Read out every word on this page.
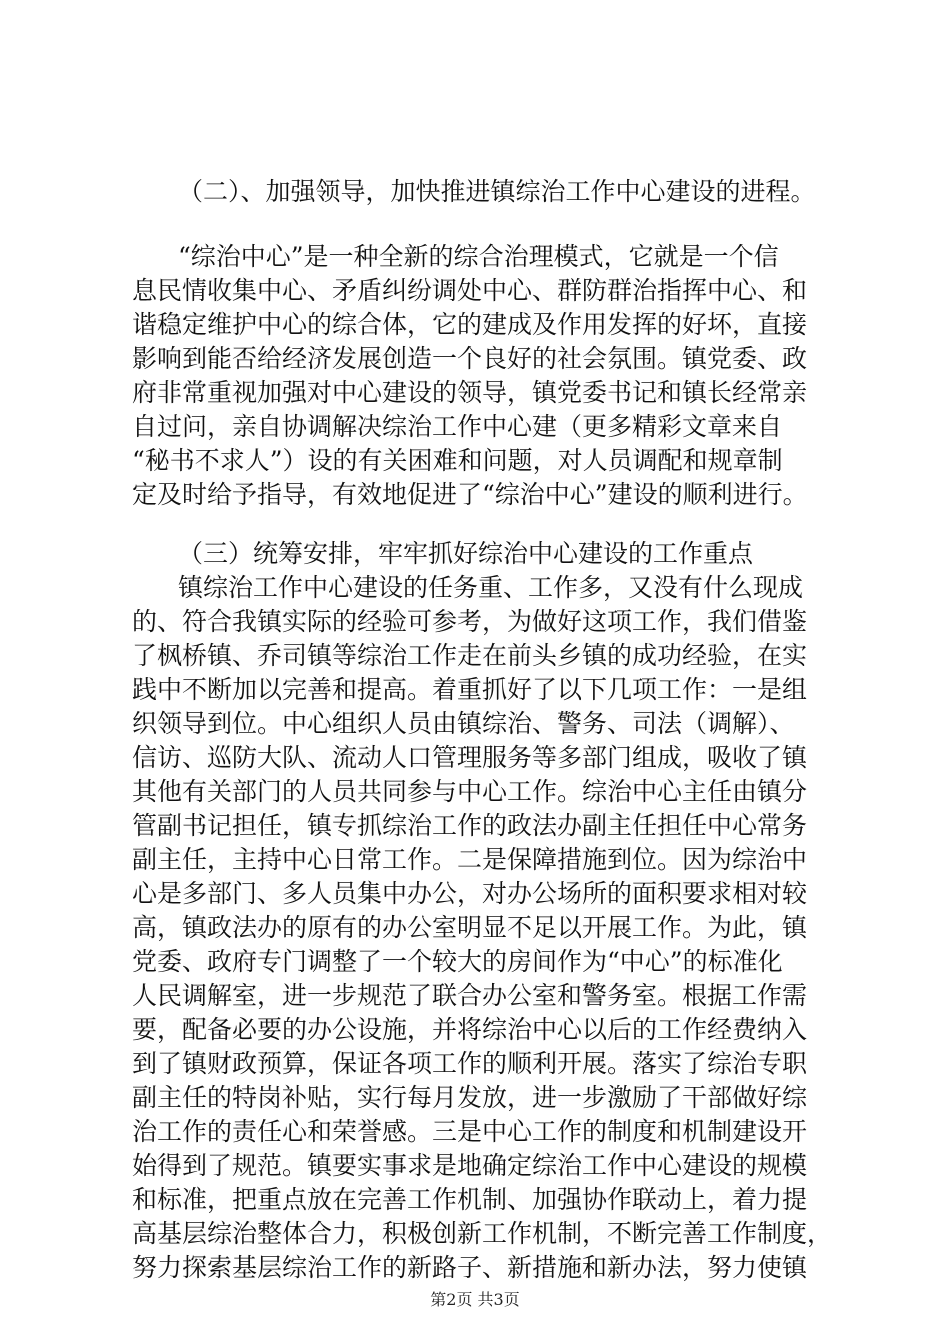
（二）、加强领导，加快推进镇综治工作中心建设的进程。
“综治中心”是一种全新的综合治理模式，它就是一个信
息民情收集中心、矛盾纠纷调处中心、群防群治指挥中心、和
谐稳定维护中心的综合体，它的建成及作用发挥的好坏，直接
影响到能否给经济发展创造一个良好的社会氛围。镇党委、政
府非常重视加强对中心建设的领导，镇党委书记和镇长经常亲
自过问，亲自协调解决综治工作中心建（更多精彩文章来自
“秘书不求人”）设的有关困难和问题，对人员调配和规章制
定及时给予指导，有效地促进了“综治中心”建设的顺利进行。
（三）统筹安排，牢牢抓好综治中心建设的工作重点
镇综治工作中心建设的任务重、工作多，又没有什么现成
的、符合我镇实际的经验可参考，为做好这项工作，我们借鉴
了枫桥镇、乔司镇等综治工作走在前头乡镇的成功经验，在实
践中不断加以完善和提高。着重抓好了以下几项工作：一是组
织领导到位。中心组织人员由镇综治、警务、司法（调解）、
信访、巡防大队、流动人口管理服务等多部门组成，吸收了镇
其他有关部门的人员共同参与中心工作。综治中心主任由镇分
管副书记担任，镇专抓综治工作的政法办副主任担任中心常务
副主任，主持中心日常工作。二是保障措施到位。因为综治中
心是多部门、多人员集中办公，对办公场所的面积要求相对较
高，镇政法办的原有的办公室明显不足以开展工作。为此，镇
党委、政府专门调整了一个较大的房间作为“中心”的标准化
人民调解室，进一步规范了联合办公室和警务室。根据工作需
要，配备必要的办公设施，并将综治中心以后的工作经费纳入
到了镇财政预算，保证各项工作的顺利开展。落实了综治专职
副主任的特岗补贴，实行每月发放，进一步激励了干部做好综
治工作的责任心和荣誉感。三是中心工作的制度和机制建设开
始得到了规范。镇要实事求是地确定综治工作中心建设的规模
和标准，把重点放在完善工作机制、加强协作联动上，着力提
高基层综治整体合力，积极创新工作机制，不断完善工作制度，
努力探索基层综治工作的新路子、新措施和新办法，努力使镇
第2页 共3页
